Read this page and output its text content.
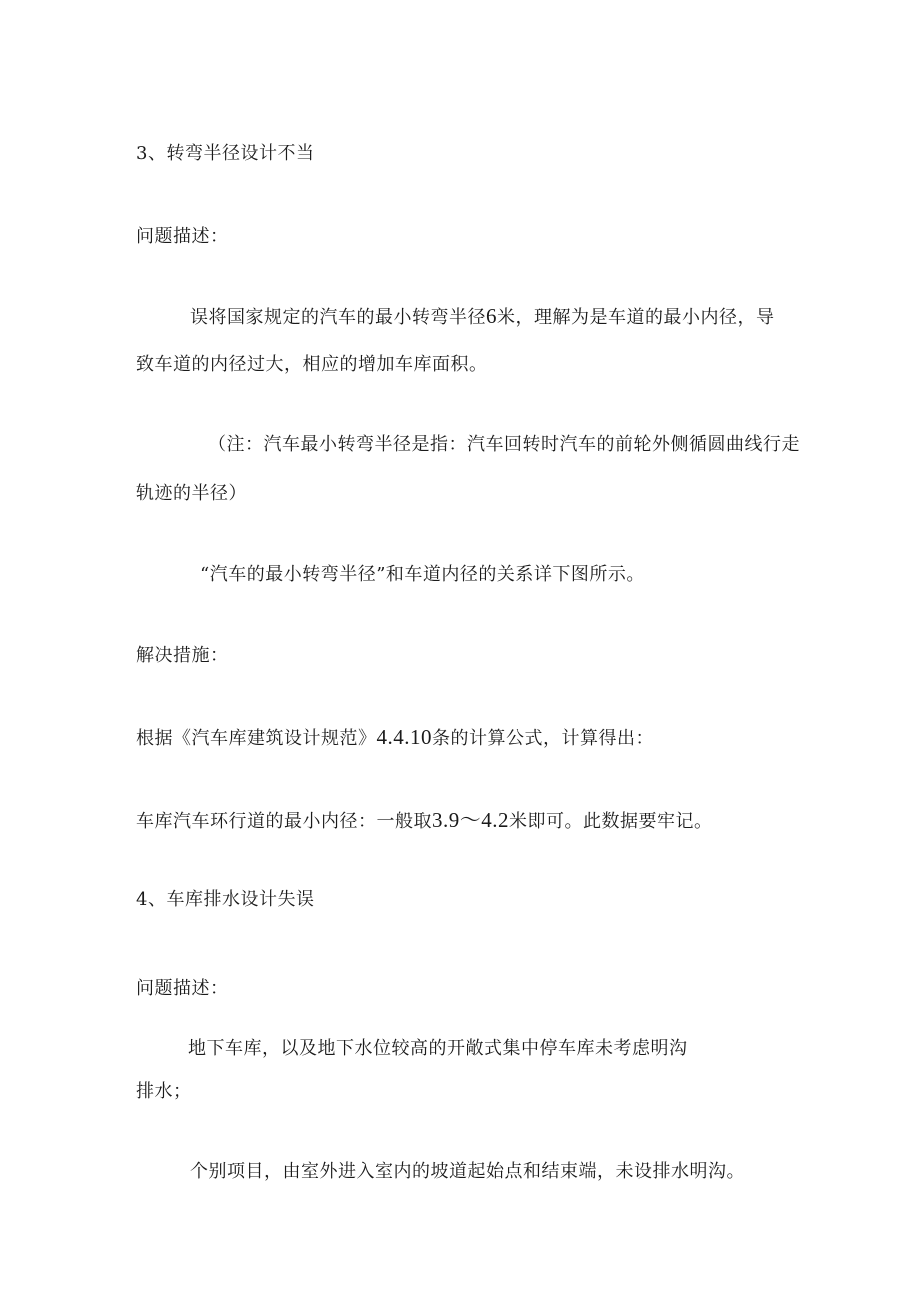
3、转弯半径设计不当
问题描述：
误将国家规定的汽车的最小转弯半径6米，理解为是车道的最小内径，导
致车道的内径过大，相应的增加车库面积。
（注：汽车最小转弯半径是指：汽车回转时汽车的前轮外侧循圆曲线行走
轨迹的半径）
“汽车的最小转弯半径”和车道内径的关系详下图所示。
解决措施：
根据《汽车库建筑设计规范》4.4.10条的计算公式，计算得出：
车库汽车环行道的最小内径：一般取3.9～4.2米即可。此数据要牢记。
4、车库排水设计失误
问题描述：
地下车库，以及地下水位较高的开敞式集中停车库未考虑明沟
排水；
个别项目，由室外进入室内的坡道起始点和结束端，未设排水明沟。
